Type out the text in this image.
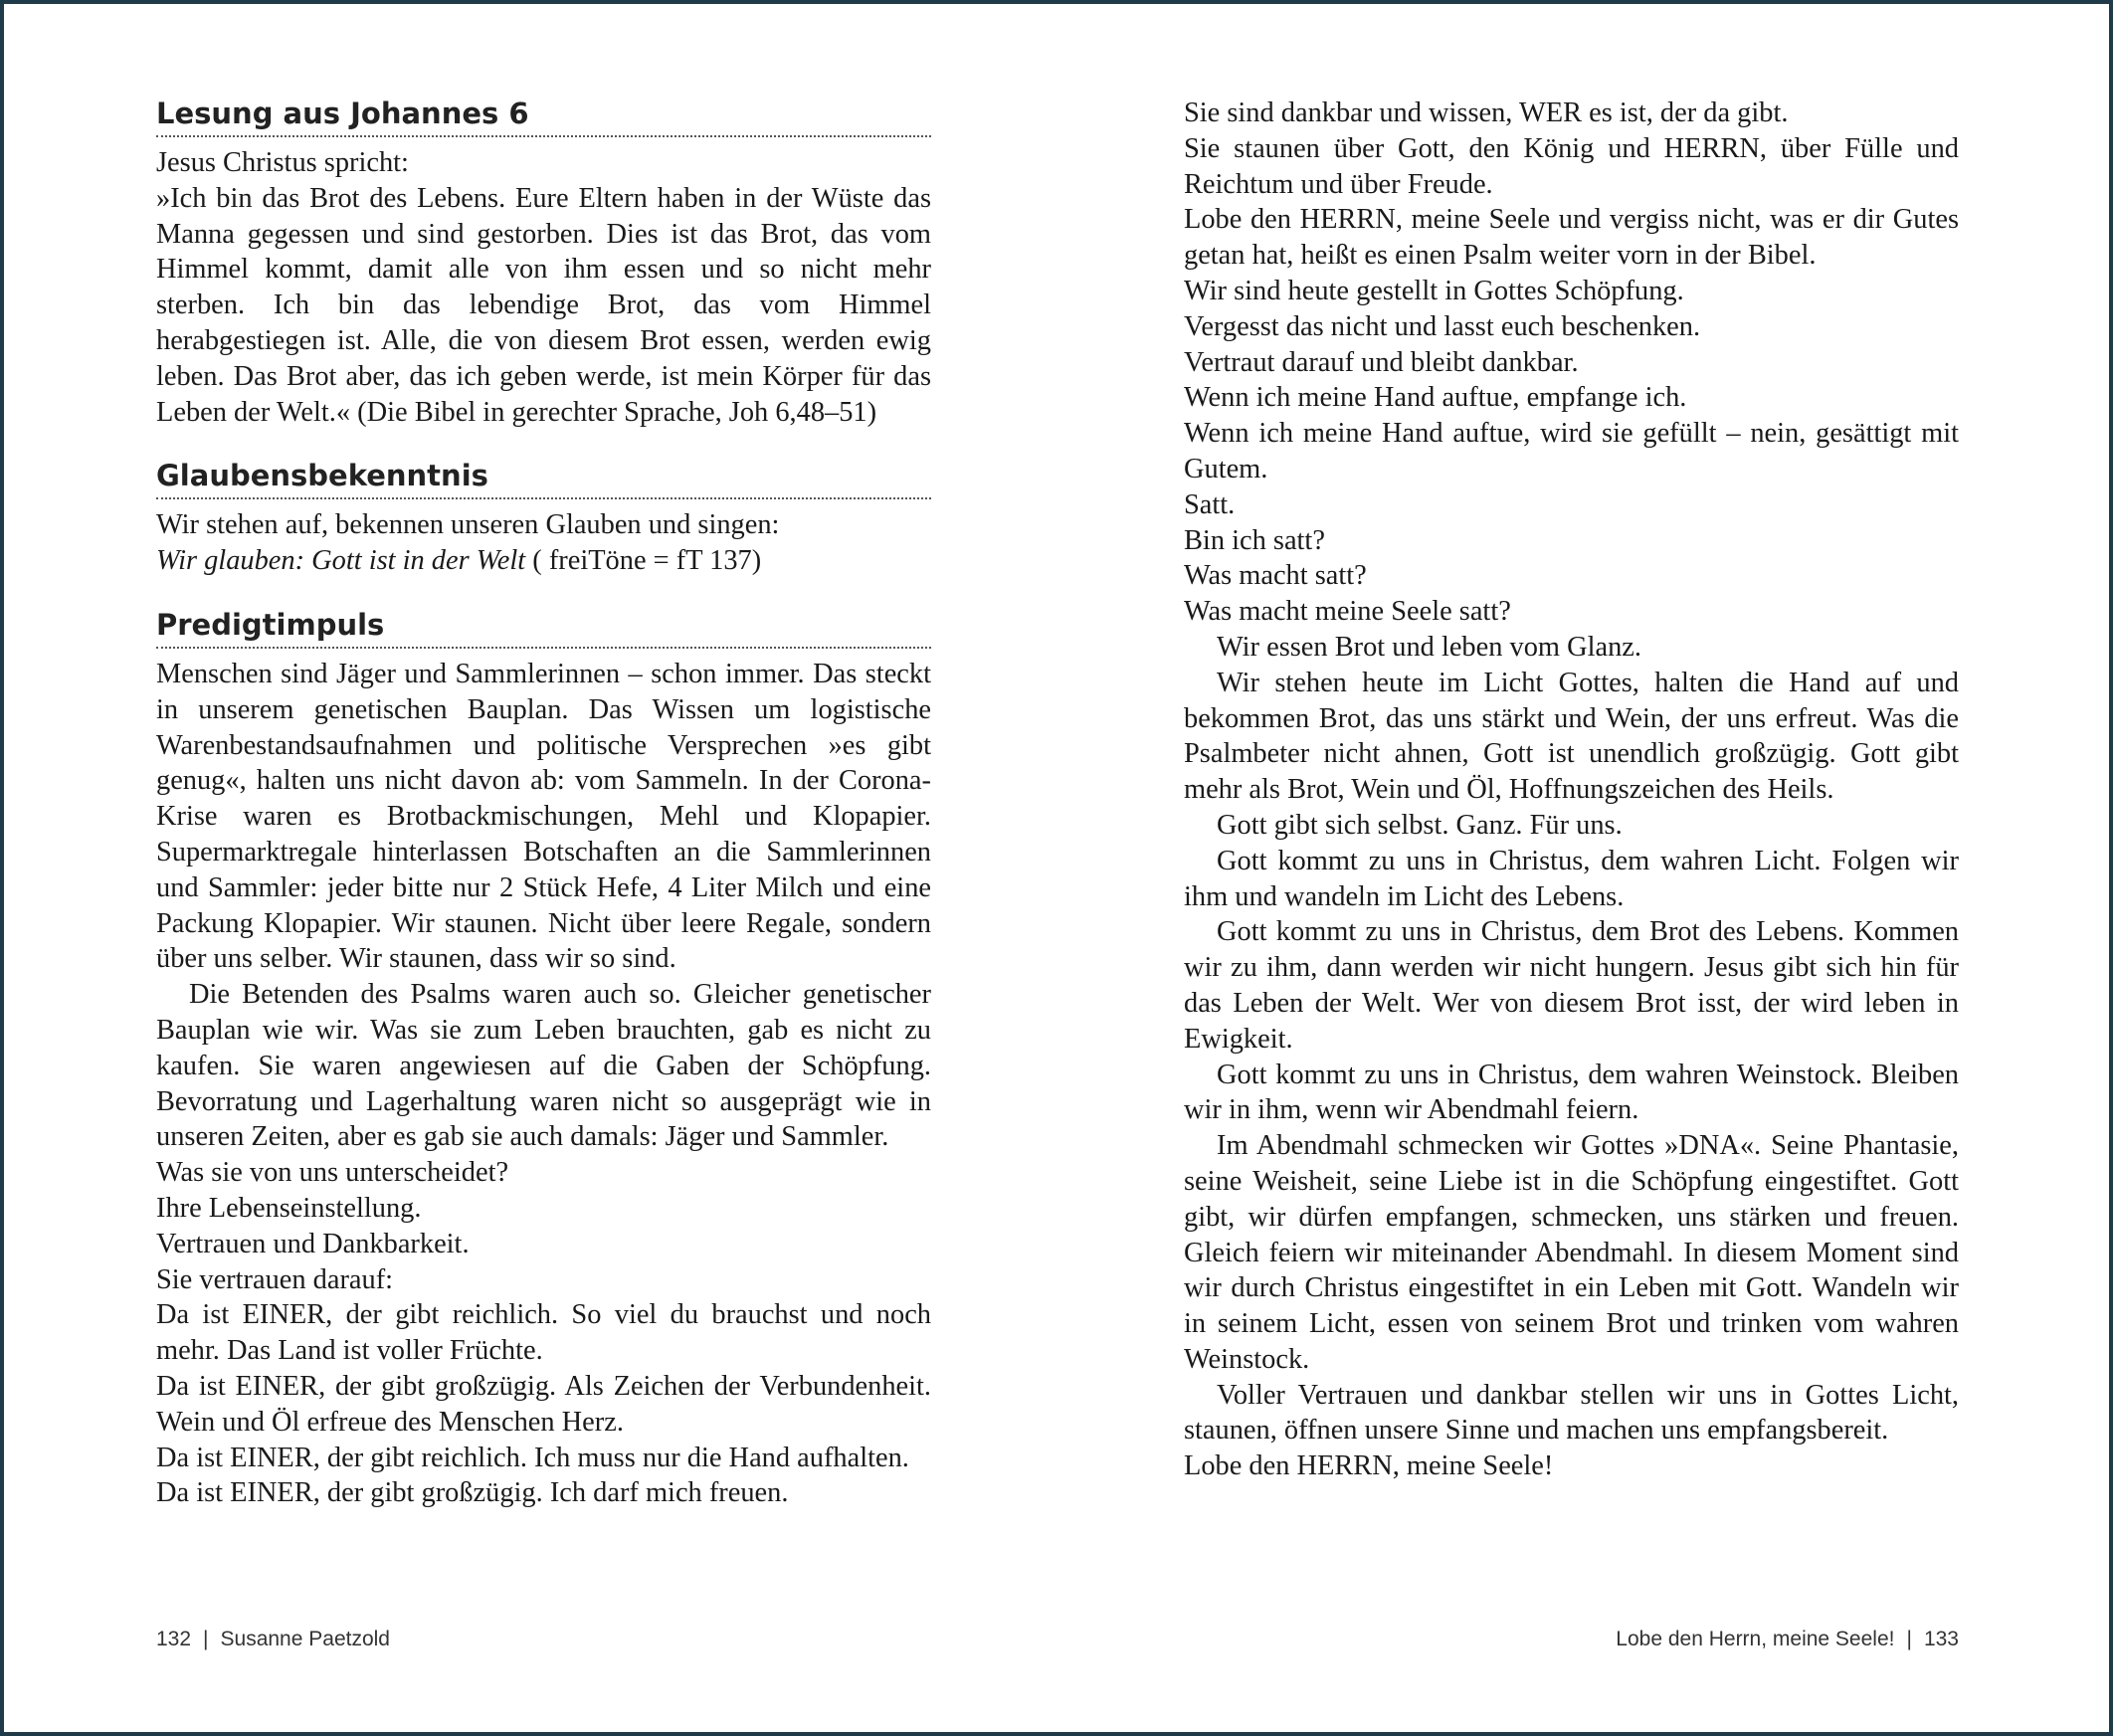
Lesung aus Johannes 6

Jesus Christus spricht:

»Ich bin das Brot des Lebens. Eure Eltern haben in der Wüste das Manna gegessen und sind gestorben. Dies ist das Brot, das vom Himmel kommt, damit alle von ihm essen und so nicht mehr sterben. Ich bin das lebendige Brot, das vom Himmel herabgestiegen ist. Alle, die von diesem Brot essen, werden ewig leben. Das Brot aber, das ich geben werde, ist mein Körper für das Leben der Welt.« (Die Bibel in gerechter Sprache, Joh 6,48–51)

Glaubensbekenntnis

Wir stehen auf, bekennen unseren Glauben und singen:

Wir glauben: Gott ist in der Welt ( freiTöne = fT 137)

Predigtimpuls

Menschen sind Jäger und Sammlerinnen – schon immer. Das steckt in unserem genetischen Bauplan. Das Wissen um logistische Warenbestandsaufnahmen und politische Versprechen »es gibt genug«, halten uns nicht davon ab: vom Sammeln. In der Corona-Krise waren es Brotbackmischungen, Mehl und Klopapier. Supermarktregale hinterlassen Botschaften an die Sammlerinnen und Sammler: jeder bitte nur 2 Stück Hefe, 4 Liter Milch und eine Packung Klopapier. Wir staunen. Nicht über leere Regale, sondern über uns selber. Wir staunen, dass wir so sind.

Die Betenden des Psalms waren auch so. Gleicher genetischer Bauplan wie wir. Was sie zum Leben brauchten, gab es nicht zu kaufen. Sie waren angewiesen auf die Gaben der Schöpfung. Bevorratung und Lagerhaltung waren nicht so ausgeprägt wie in unseren Zeiten, aber es gab sie auch damals: Jäger und Sammler.

Was sie von uns unterscheidet?

Ihre Lebenseinstellung.

Vertrauen und Dankbarkeit.

Sie vertrauen darauf:

Da ist EINER, der gibt reichlich. So viel du brauchst und noch mehr. Das Land ist voller Früchte.

Da ist EINER, der gibt großzügig. Als Zeichen der Verbundenheit. Wein und Öl erfreue des Menschen Herz.

Da ist EINER, der gibt reichlich. Ich muss nur die Hand aufhalten.

Da ist EINER, der gibt großzügig. Ich darf mich freuen.

132 | Susanne Paetzold

Sie sind dankbar und wissen, WER es ist, der da gibt.

Sie staunen über Gott, den König und HERRN, über Fülle und Reichtum und über Freude.

Lobe den HERRN, meine Seele und vergiss nicht, was er dir Gutes getan hat, heißt es einen Psalm weiter vorn in der Bibel.

Wir sind heute gestellt in Gottes Schöpfung.

Vergesst das nicht und lasst euch beschenken.

Vertraut darauf und bleibt dankbar.

Wenn ich meine Hand auftue, empfange ich.

Wenn ich meine Hand auftue, wird sie gefüllt – nein, gesättigt mit Gutem.

Satt.

Bin ich satt?

Was macht satt?

Was macht meine Seele satt?

Wir essen Brot und leben vom Glanz.

Wir stehen heute im Licht Gottes, halten die Hand auf und bekommen Brot, das uns stärkt und Wein, der uns erfreut. Was die Psalmbeter nicht ahnen, Gott ist unendlich großzügig. Gott gibt mehr als Brot, Wein und Öl, Hoffnungszeichen des Heils.

Gott gibt sich selbst. Ganz. Für uns.

Gott kommt zu uns in Christus, dem wahren Licht. Folgen wir ihm und wandeln im Licht des Lebens.

Gott kommt zu uns in Christus, dem Brot des Lebens. Kommen wir zu ihm, dann werden wir nicht hungern. Jesus gibt sich hin für das Leben der Welt. Wer von diesem Brot isst, der wird leben in Ewigkeit.

Gott kommt zu uns in Christus, dem wahren Weinstock. Bleiben wir in ihm, wenn wir Abendmahl feiern.

Im Abendmahl schmecken wir Gottes »DNA«. Seine Phantasie, seine Weisheit, seine Liebe ist in die Schöpfung eingestiftet. Gott gibt, wir dürfen empfangen, schmecken, uns stärken und freuen. Gleich feiern wir miteinander Abendmahl. In diesem Moment sind wir durch Christus eingestiftet in ein Leben mit Gott. Wandeln wir in seinem Licht, essen von seinem Brot und trinken vom wahren Weinstock.

Voller Vertrauen und dankbar stellen wir uns in Gottes Licht, staunen, öffnen unsere Sinne und machen uns empfangsbereit.

Lobe den HERRN, meine Seele!

Lobe den Herrn, meine Seele! | 133
